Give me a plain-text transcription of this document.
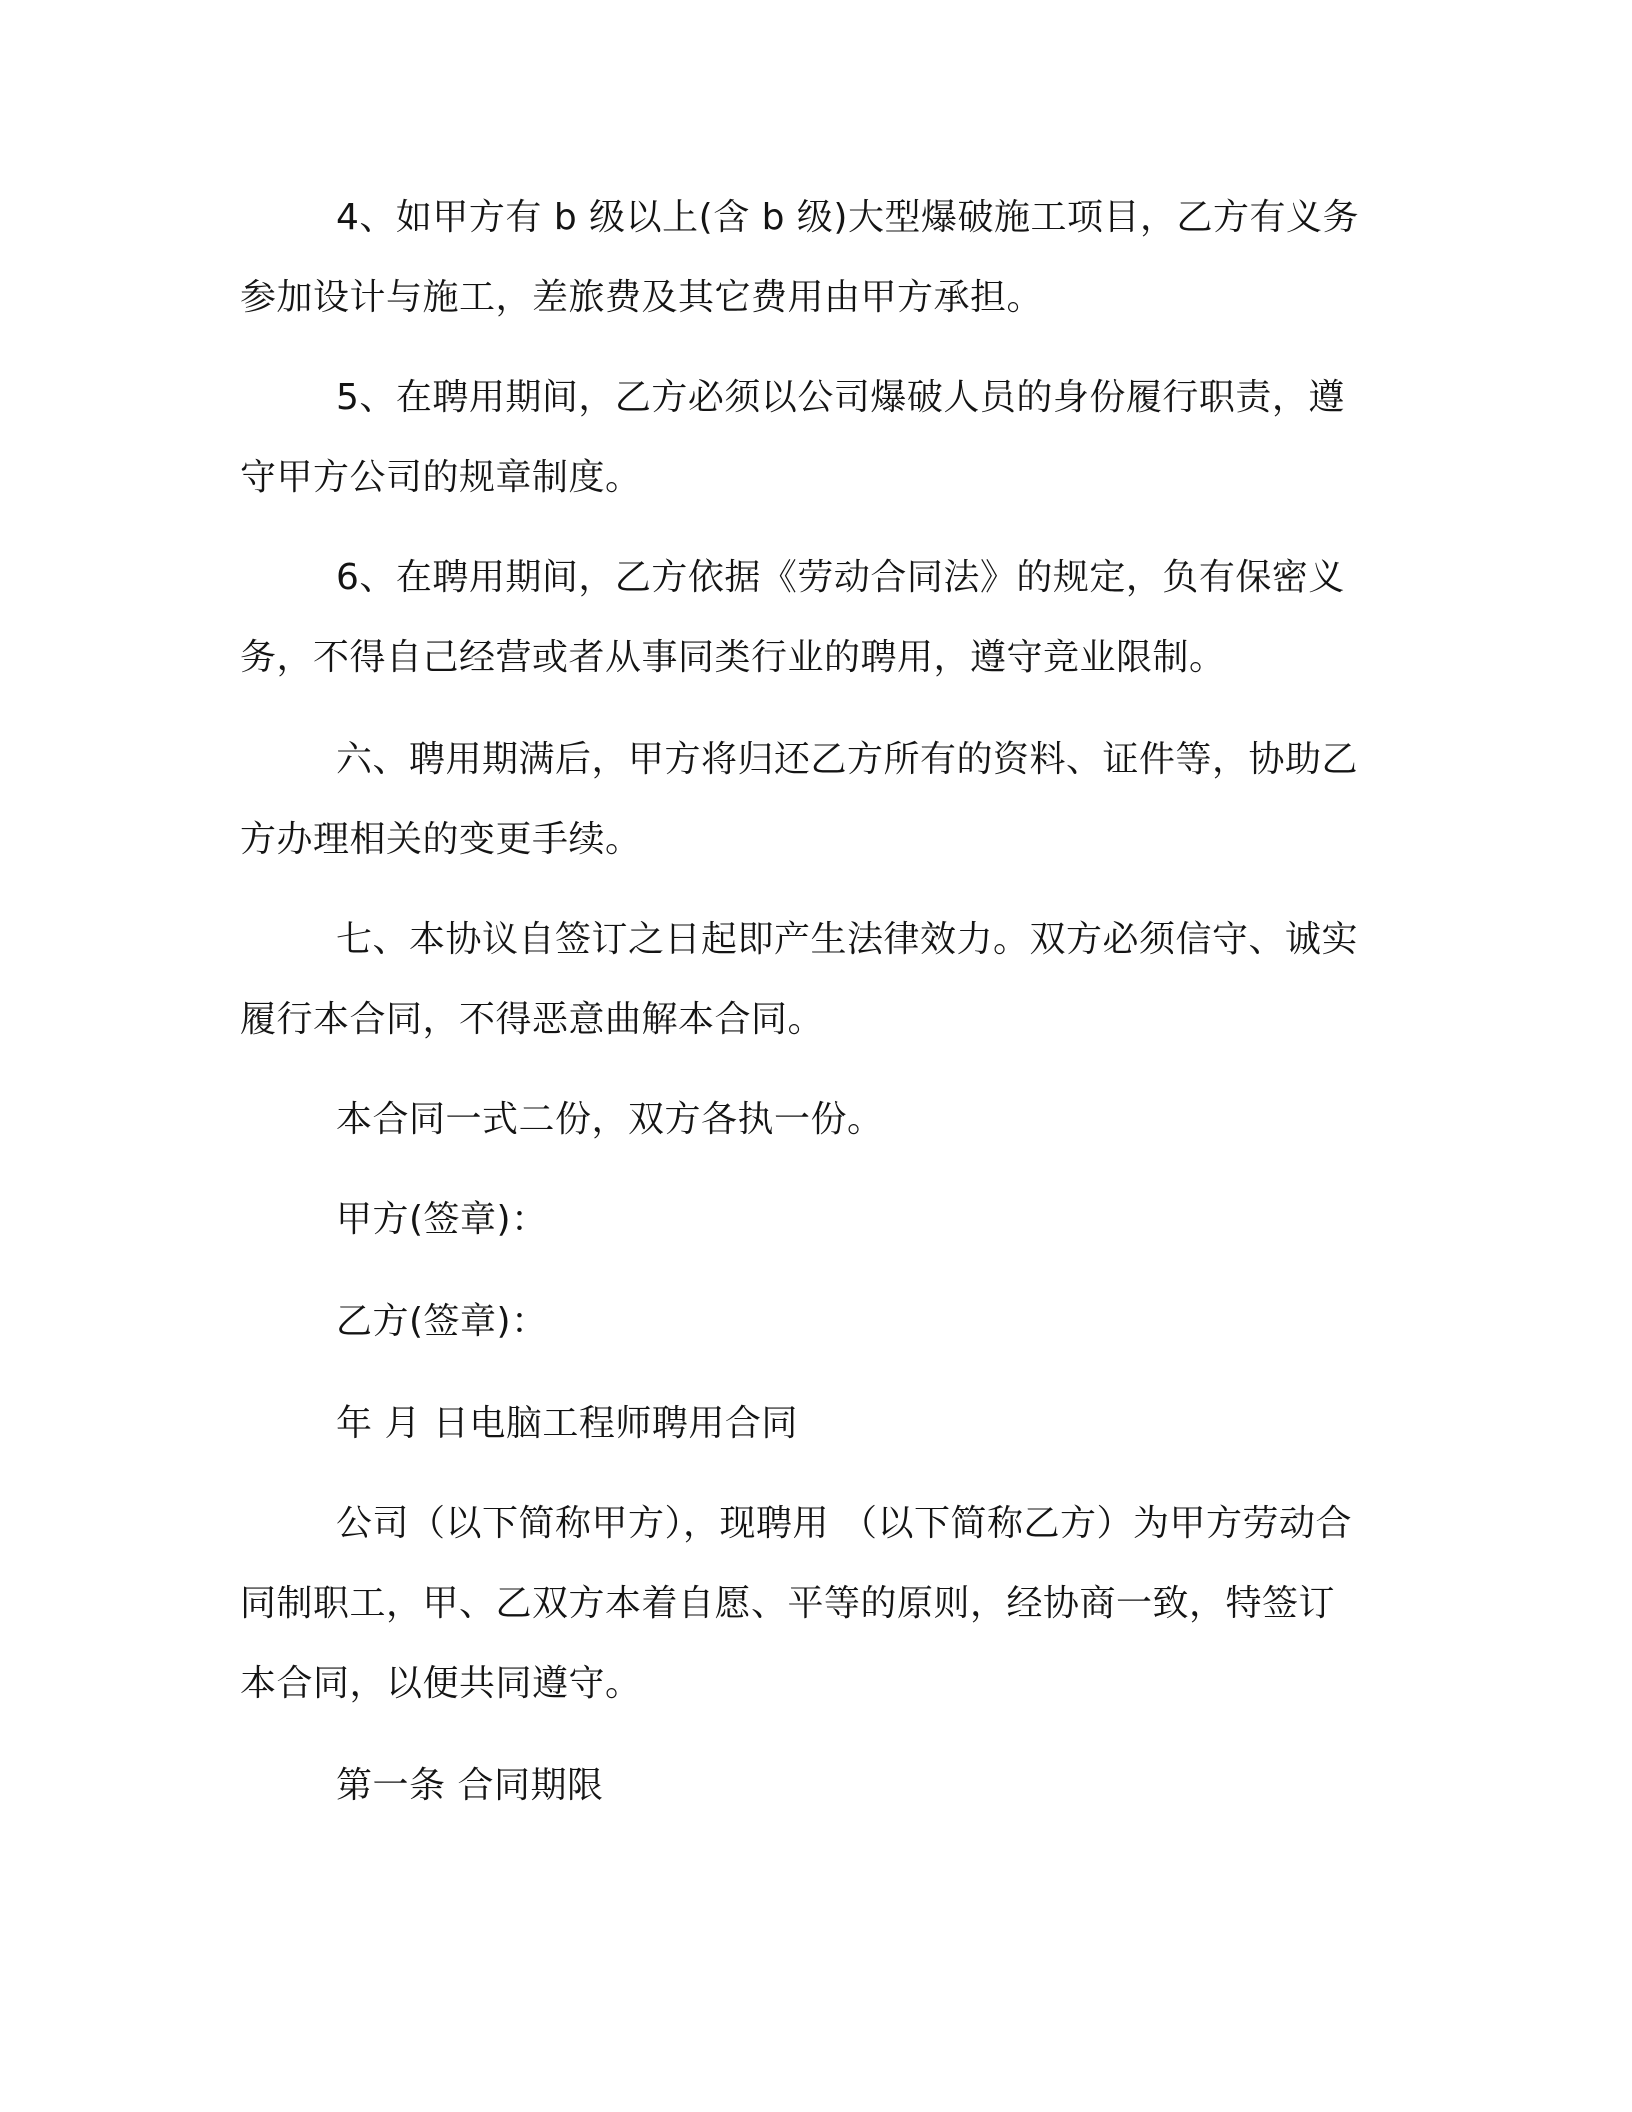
4、如甲方有 b 级以上(含 b 级)大型爆破施工项目，乙方有义务
参加设计与施工，差旅费及其它费用由甲方承担。
5、在聘用期间，乙方必须以公司爆破人员的身份履行职责，遵
守甲方公司的规章制度。
6、在聘用期间，乙方依据《劳动合同法》的规定，负有保密义
务，不得自己经营或者从事同类行业的聘用，遵守竞业限制。
六、聘用期满后，甲方将归还乙方所有的资料、证件等，协助乙
方办理相关的变更手续。
七、本协议自签订之日起即产生法律效力。双方必须信守、诚实
履行本合同，不得恶意曲解本合同。
本合同一式二份，双方各执一份。
甲方(签章)：
乙方(签章)：
年 月 日电脑工程师聘用合同
公司（以下简称甲方），现聘用 （以下简称乙方）为甲方劳动合
同制职工，甲、乙双方本着自愿、平等的原则，经协商一致，特签订
本合同，以便共同遵守。
第一条 合同期限
